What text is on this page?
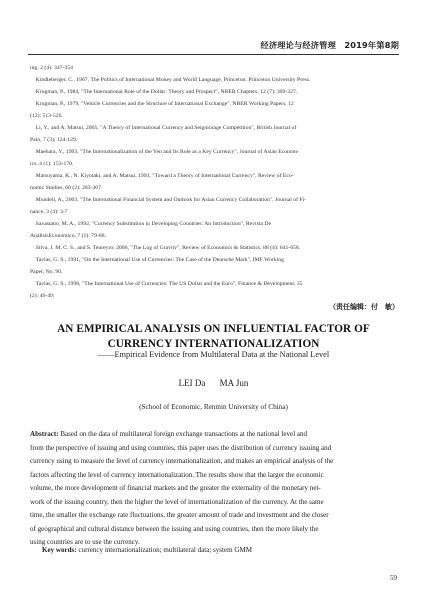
经济理论与经济管理　2019年第8期
ing, 2 (4): 347-354
　Kindleberger, C., 1967, The Politics of International Money and World Language, Princeton: Princeton University Press.
　Krugman, P., 1984, "The International Role of the Dollar: Theory and Prospect", NBER Chapters, 12 (7): 309-327.
　Krugman, P., 1979, "Vehicle Currencies and the Structure of International Exchange", NBER Working Papers, 12
(12): 513-526.
　Li, Y., and A. Matsui, 2005, "A Theory of International Currency and Seigniorage Competition", British Journal of
Pain, 7 (3): 124-129.
　Maehara, Y., 1993, "The Internationalization of the Yen and Its Role as a Key Currency", Journal of Asian Econom-
ics, 4 (1): 153-170.
　Matsuyama, K., N. Kiyotaki, and A. Matsui, 1993, "Toward a Theory of International Currency", Review of Eco-
nomic Studies, 60 (2): 283-307.
　Mundell, A., 2003, "The International Financial System and Outlook for Asian Currency Collaboration", Journal of Fi-
nance, 3 (4): 3-7
　Savastano, M. A., 1992, "Currency Substitution in Developing Countries: An Introduction", Revista De
AnálisisEconómico, 7 (1): 79-88.
　Silva, J. M. C. S., and S. Tenreyro, 2006, "The Log of Gravity", Review of Economics & Statistics, 88 (4): 641-658.
　Tavlas, G. S., 1991, "On the International Use of Currencies: The Case of the Deutsche Mark", IMF Working
Paper, No. 90.
　Tavlas, G. S., 1998, "The International Use of Currencies: The US Dollar and the Euro", Finance & Development, 35
(2): 46-49.
（责任编辑：付　敏）
AN EMPIRICAL ANALYSIS ON INFLUENTIAL FACTOR OF
CURRENCY INTERNATIONALIZATION
——Empirical Evidence from Multilateral Data at the National Level
LEI Da MA Jun
(School of Economic, Renmin University of China)
Abstract: Based on the data of multilateral foreign exchange transactions at the national level and
from the perspective of issuing and using countries, this paper uses the distribution of currency issuing and
currency using to measure the level of currency internationalization, and makes an empirical analysis of the
factors affecting the level of currency internationalization. The results show that the larger the economic
volume, the more development of financial markets and the greater the externality of the monetary net-
work of the issuing country, then the higher the level of internationalization of the currency. At the same
time, the smaller the exchange rate fluctuations, the greater amount of trade and investment and the closer
of geographical and cultural distance between the issuing and using countries, then the more likely the
using countries are to use the currency.
Key words: currency internationalization; multilateral data; system GMM
59
